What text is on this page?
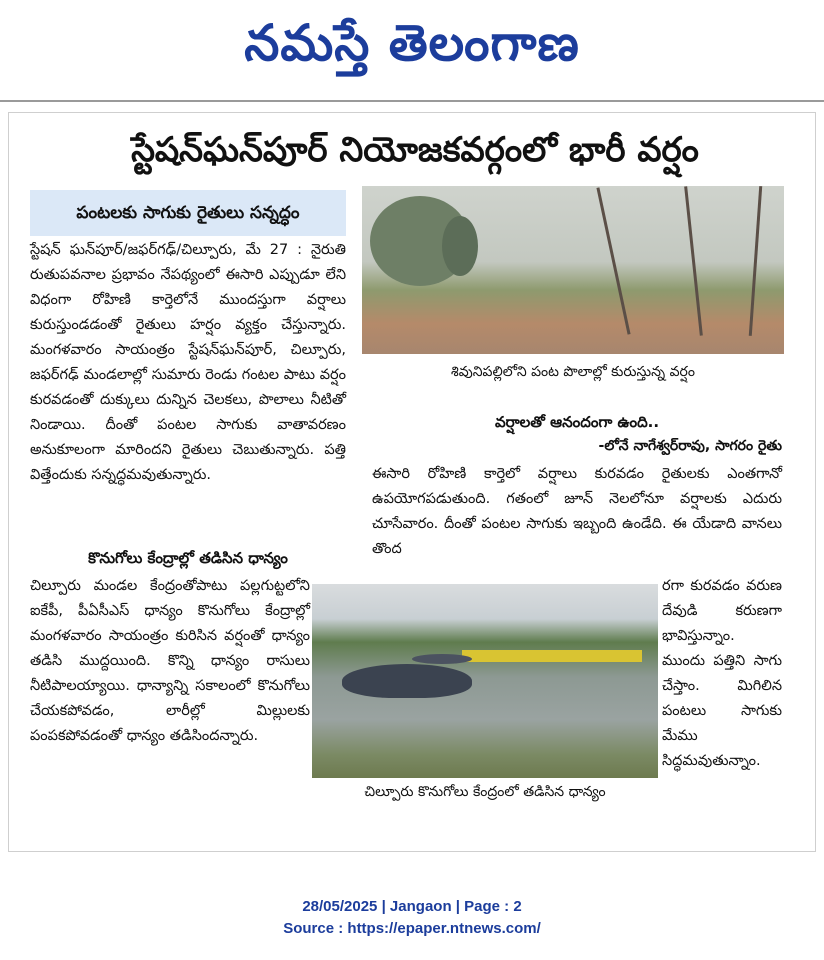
నమస్తే తెలంగాణ
స్టేషన్‌ఘన్‌పూర్ నియోజకవర్గంలో భారీ వర్షం
పంటలకు సాగుకు రైతులు సన్నద్ధం
స్టేషన్ ఘన్‌పూర్/జఫర్‌గఢ్/చిల్పూరు, మే 27 : నైరుతి రుతుపవనాల ప్రభావం నేపథ్యంలో ఈసారి ఎప్పుడూ లేని విధంగా రోహిణి కార్తెలోనే ముందస్తుగా వర్షాలు కురుస్తుండడంతో రైతులు హర్షం వ్యక్తం చేస్తున్నారు. మంగళవారం సాయంత్రం స్టేషన్‌ఘన్‌పూర్, చిల్పూరు, జఫర్‌గఢ్ మండలాల్లో సుమారు రెండు గంటల పాటు వర్షం కురవడంతో దుక్కులు దున్నిన చెలకలు, పొలాలు నీటితో నిండాయి. దీంతో పంటల సాగుకు వాతావరణం అనుకూలంగా మారిందని రైతులు చెబుతున్నారు. పత్తి విత్తేందుకు సన్నద్ధమవుతున్నారు.
కొనుగోలు కేంద్రాల్లో తడిసిన ధాన్యం
చిల్పూరు మండల కేంద్రంతోపాటు పల్లగుట్టలోని ఐకేపీ, పీఏసీఎస్ ధాన్యం కొనుగోలు కేంద్రాల్లో మంగళవారం సాయంత్రం కురిసిన వర్షంతో ధాన్యం తడిసి ముద్దయింది. కొన్ని ధాన్యం రాసులు నీటిపాలయ్యాయి. ధాన్యాన్ని సకాలంలో కొనుగోలు చేయకపోవడం, లారీల్లో మిల్లులకు పంపకపోవడంతో ధాన్యం తడిసిందన్నారు.
శివునిపల్లిలోని పంట పొలాల్లో కురుస్తున్న వర్షం
వర్షాలతో ఆనందంగా ఉంది..
-లోనే నాగేశ్వర్‌రావు, సాగరం రైతు
ఈసారి రోహిణి కార్తెలో వర్షాలు కురవడం రైతులకు ఎంతగానో ఉపయోగపడుతుంది. గతంలో జూన్ నెలలోనూ వర్షాలకు ఎదురు చూసేవారం. దీంతో పంటల సాగుకు ఇబ్బంది ఉండేది. ఈ యేడాది వానలు తొంద
రగా కురవడం వరుణ దేవుడి కరుణగా భావిస్తున్నాం. ముందు పత్తిని సాగు చేస్తాం. మిగిలిన పంటలు సాగుకు మేము సిద్ధమవుతున్నాం.
చిల్పూరు కొనుగోలు కేంద్రంలో తడిసిన ధాన్యం
28/05/2025 | Jangaon | Page : 2
Source : https://epaper.ntnews.com/
